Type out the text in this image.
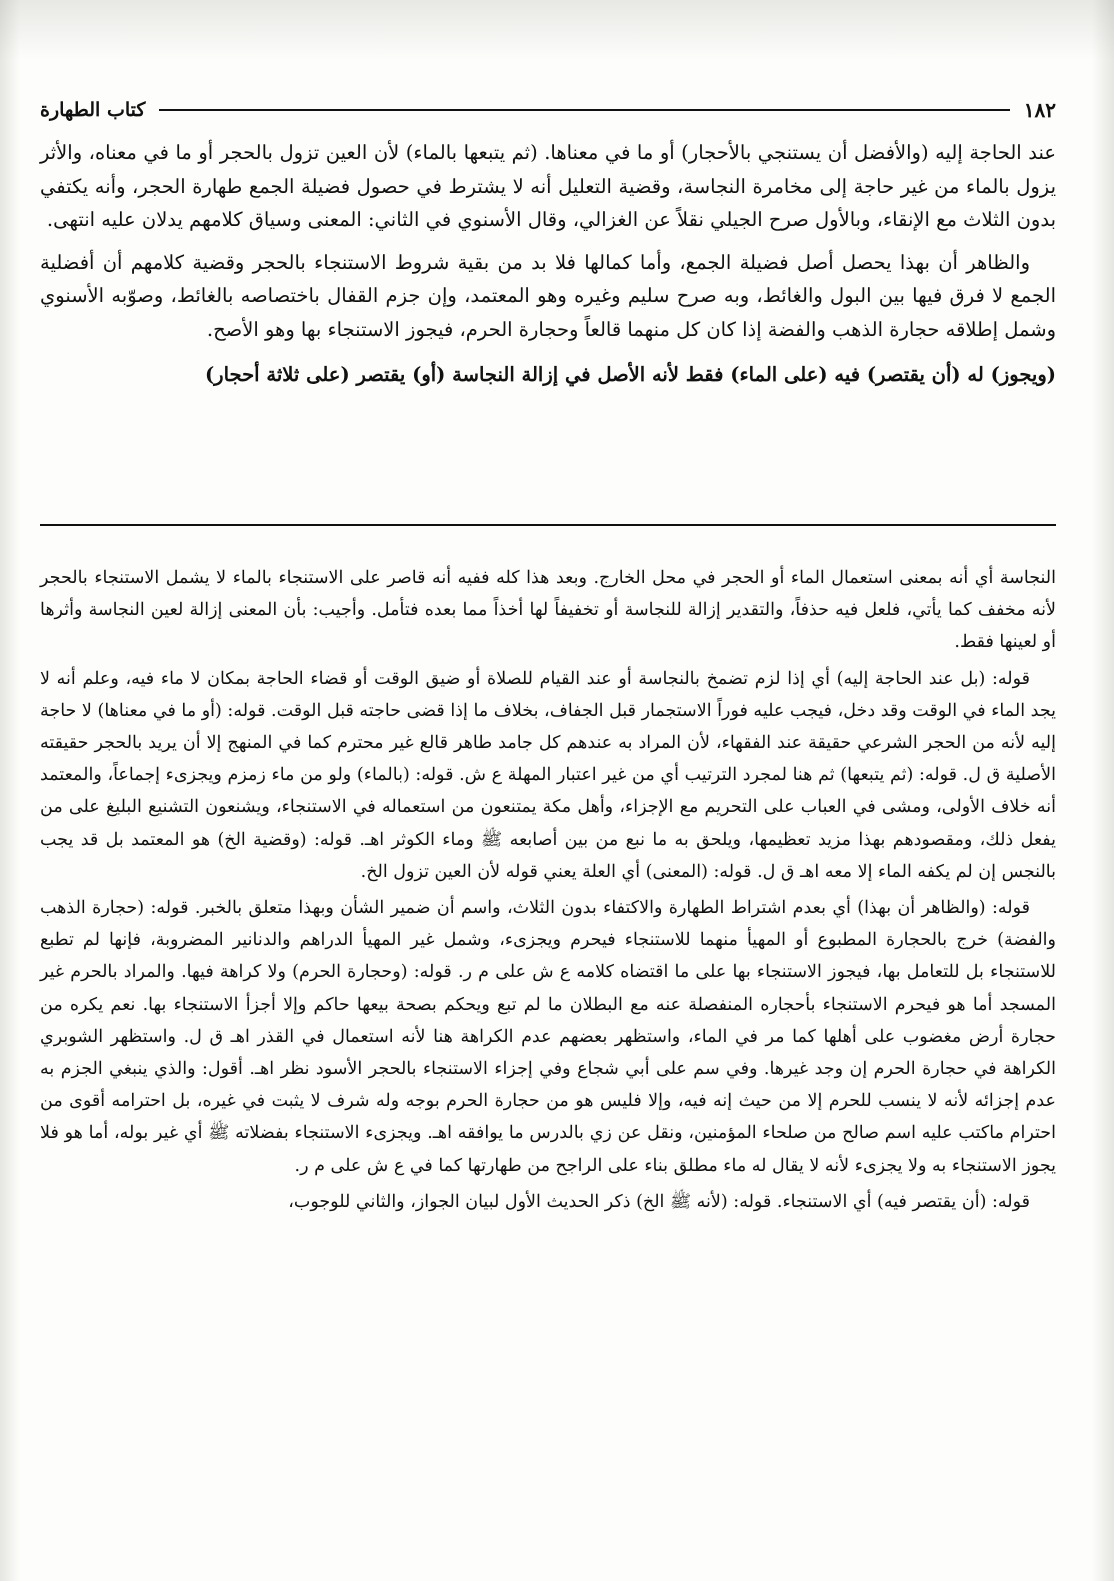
١٨٢
كتاب الطهارة

عند الحاجة إليه (والأفضل أن يستنجي بالأحجار) أو ما في معناها. (ثم يتبعها بالماء) لأن العين تزول بالحجر أو ما في معناه، والأثر يزول بالماء من غير حاجة إلى مخامرة النجاسة، وقضية التعليل أنه لا يشترط في حصول فضيلة الجمع طهارة الحجر، وأنه يكتفي بدون الثلاث مع الإنقاء، وبالأول صرح الجيلي نقلاً عن الغزالي، وقال الأسنوي في الثاني: المعنى وسياق كلامهم يدلان عليه انتهى.

والظاهر أن بهذا يحصل أصل فضيلة الجمع، وأما كمالها فلا بد من بقية شروط الاستنجاء بالحجر وقضية كلامهم أن أفضلية الجمع لا فرق فيها بين البول والغائط، وبه صرح سليم وغيره وهو المعتمد، وإن جزم القفال باختصاصه بالغائط، وصوّبه الأسنوي وشمل إطلاقه حجارة الذهب والفضة إذا كان كل منهما قالعاً وحجارة الحرم، فيجوز الاستنجاء بها وهو الأصح.

(ويجوز) له (أن يقتصر) فيه (على الماء) فقط لأنه الأصل في إزالة النجاسة (أو) يقتصر (على ثلاثة أحجار)

النجاسة أي أنه بمعنى استعمال الماء أو الحجر في محل الخارج. وبعد هذا كله ففيه أنه قاصر على الاستنجاء بالماء لا يشمل الاستنجاء بالحجر لأنه مخفف كما يأتي، فلعل فيه حذفاً، والتقدير إزالة للنجاسة أو تخفيفاً لها أخذاً مما بعده فتأمل. وأجيب: بأن المعنى إزالة لعين النجاسة وأثرها أو لعينها فقط.

قوله: (بل عند الحاجة إليه) أي إذا لزم تضمخ بالنجاسة أو عند القيام للصلاة أو ضيق الوقت أو قضاء الحاجة بمكان لا ماء فيه، وعلم أنه لا يجد الماء في الوقت وقد دخل، فيجب عليه فوراً الاستجمار قبل الجفاف، بخلاف ما إذا قضى حاجته قبل الوقت. قوله: (أو ما في معناها) لا حاجة إليه لأنه من الحجر الشرعي حقيقة عند الفقهاء، لأن المراد به عندهم كل جامد طاهر قالع غير محترم كما في المنهج إلا أن يريد بالحجر حقيقته الأصلية ق ل. قوله: (ثم يتبعها) ثم هنا لمجرد الترتيب أي من غير اعتبار المهلة ع ش. قوله: (بالماء) ولو من ماء زمزم ويجزىء إجماعاً، والمعتمد أنه خلاف الأولى، ومشى في العباب على التحريم مع الإجزاء، وأهل مكة يمتنعون من استعماله في الاستنجاء، ويشنعون التشنيع البليغ على من يفعل ذلك، ومقصودهم بهذا مزيد تعظيمها، ويلحق به ما نبع من بين أصابعه ﷺ وماء الكوثر اهـ. قوله: (وقضية الخ) هو المعتمد بل قد يجب بالنجس إن لم يكفه الماء إلا معه اهـ ق ل. قوله: (المعنى) أي العلة يعني قوله لأن العين تزول الخ.

قوله: (والظاهر أن بهذا) أي بعدم اشتراط الطهارة والاكتفاء بدون الثلاث، واسم أن ضمير الشأن وبهذا متعلق بالخبر. قوله: (حجارة الذهب والفضة) خرج بالحجارة المطبوع أو المهيأ منهما للاستنجاء فيحرم ويجزىء، وشمل غير المهيأ الدراهم والدنانير المضروبة، فإنها لم تطبع للاستنجاء بل للتعامل بها، فيجوز الاستنجاء بها على ما اقتضاه كلامه ع ش على م ر. قوله: (وحجارة الحرم) ولا كراهة فيها. والمراد بالحرم غير المسجد أما هو فيحرم الاستنجاء بأحجاره المنفصلة عنه مع البطلان ما لم تبع ويحكم بصحة بيعها حاكم وإلا أجزأ الاستنجاء بها. نعم يكره من حجارة أرض مغضوب على أهلها كما مر في الماء، واستظهر بعضهم عدم الكراهة هنا لأنه استعمال في القذر اهـ ق ل. واستظهر الشوبري الكراهة في حجارة الحرم إن وجد غيرها. وفي سم على أبي شجاع وفي إجزاء الاستنجاء بالحجر الأسود نظر اهـ. أقول: والذي ينبغي الجزم به عدم إجزائه لأنه لا ينسب للحرم إلا من حيث إنه فيه، وإلا فليس هو من حجارة الحرم بوجه وله شرف لا يثبت في غيره، بل احترامه أقوى من احترام ماكتب عليه اسم صالح من صلحاء المؤمنين، ونقل عن زي بالدرس ما يوافقه اهـ. ويجزىء الاستنجاء بفضلاته ﷺ أي غير بوله، أما هو فلا يجوز الاستنجاء به ولا يجزىء لأنه لا يقال له ماء مطلق بناء على الراجح من طهارتها كما في ع ش على م ر.

قوله: (أن يقتصر فيه) أي الاستنجاء. قوله: (لأنه ﷺ الخ) ذكر الحديث الأول لبيان الجواز، والثاني للوجوب،
